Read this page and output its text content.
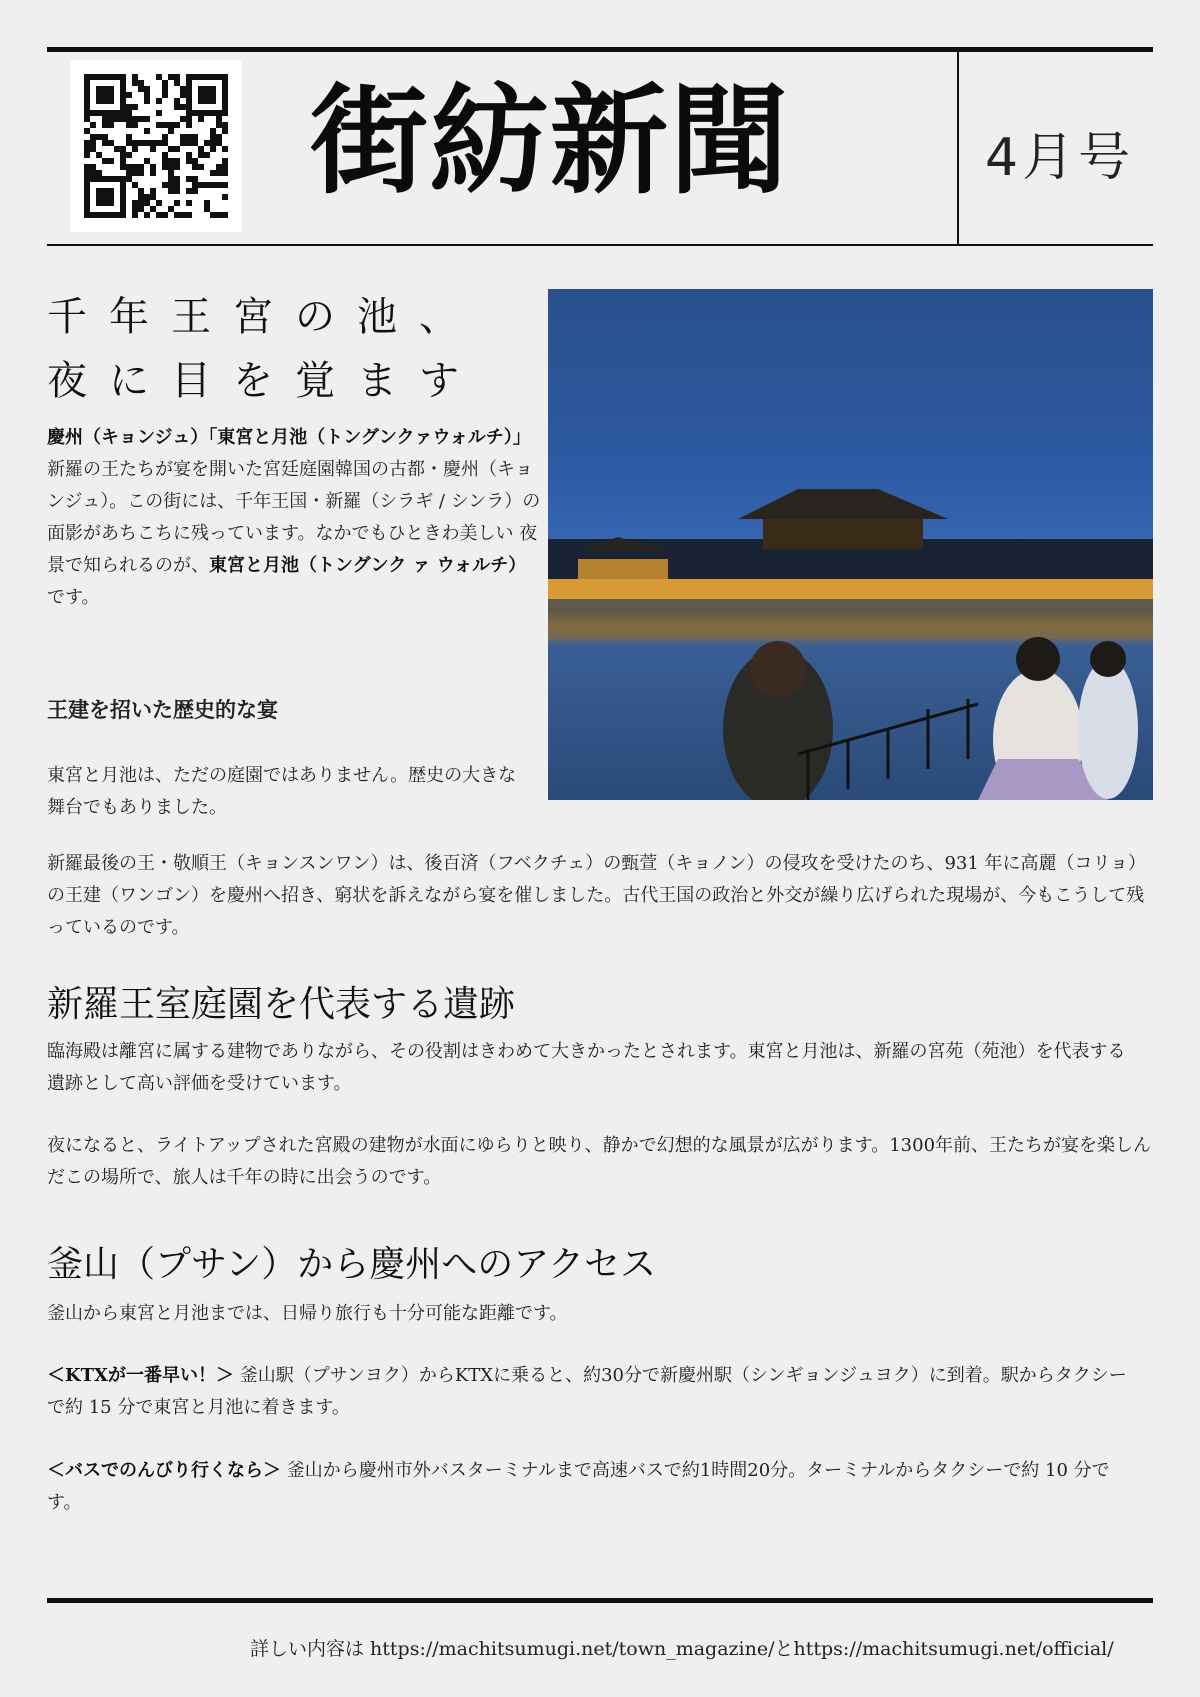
街紡新聞	4月号
千年王宮の池、
夜に目を覚ます
慶州（キョンジュ）「東宮と月池（トングンクァウォルチ）」新羅の王たちが宴を開いた宮廷庭園韓国の古都・慶州（キョンジュ）。この街には、千年王国・新羅（シラギ / シンラ）の面影があちこちに残っています。なかでもひときわ美しい 夜景で知られるのが、東宮と月池（トングンク ァ ウォルチ）です。
王建を招いた歴史的な宴
東宮と月池は、ただの庭園ではありません。歴史の大きな舞台でもありました。
新羅最後の王・敬順王（キョンスンワン）は、後百済（フベクチェ）の甄萱（キョノン）の侵攻を受けたのち、931 年に高麗（コリョ）の王建（ワンゴン）を慶州へ招き、窮状を訴えながら宴を催しました。古代王国の政治と外交が繰り広げられた現場が、今もこうして残っているのです。
新羅王室庭園を代表する遺跡
臨海殿は離宮に属する建物でありながら、その役割はきわめて大きかったとされます。東宮と月池は、新羅の宮苑（苑池）を代表する遺跡として高い評価を受けています。
夜になると、ライトアップされた宮殿の建物が水面にゆらりと映り、静かで幻想的な風景が広がります。1300年前、王たちが宴を楽しんだこの場所で、旅人は千年の時に出会うのです。
釜山（プサン）から慶州へのアクセス
釜山から東宮と月池までは、日帰り旅行も十分可能な距離です。
＜KTXが一番早い！＞ 釜山駅（プサンヨク）からKTXに乗ると、約30分で新慶州駅（シンギョンジュヨク）に到着。駅からタクシーで約 15 分で東宮と月池に着きます。
＜バスでのんびり行くなら＞ 釜山から慶州市外バスターミナルまで高速バスで約1時間20分。ターミナルからタクシーで約 10 分です。
詳しい内容は https://machitsumugi.net/town_magazine/とhttps://machitsumugi.net/official/
